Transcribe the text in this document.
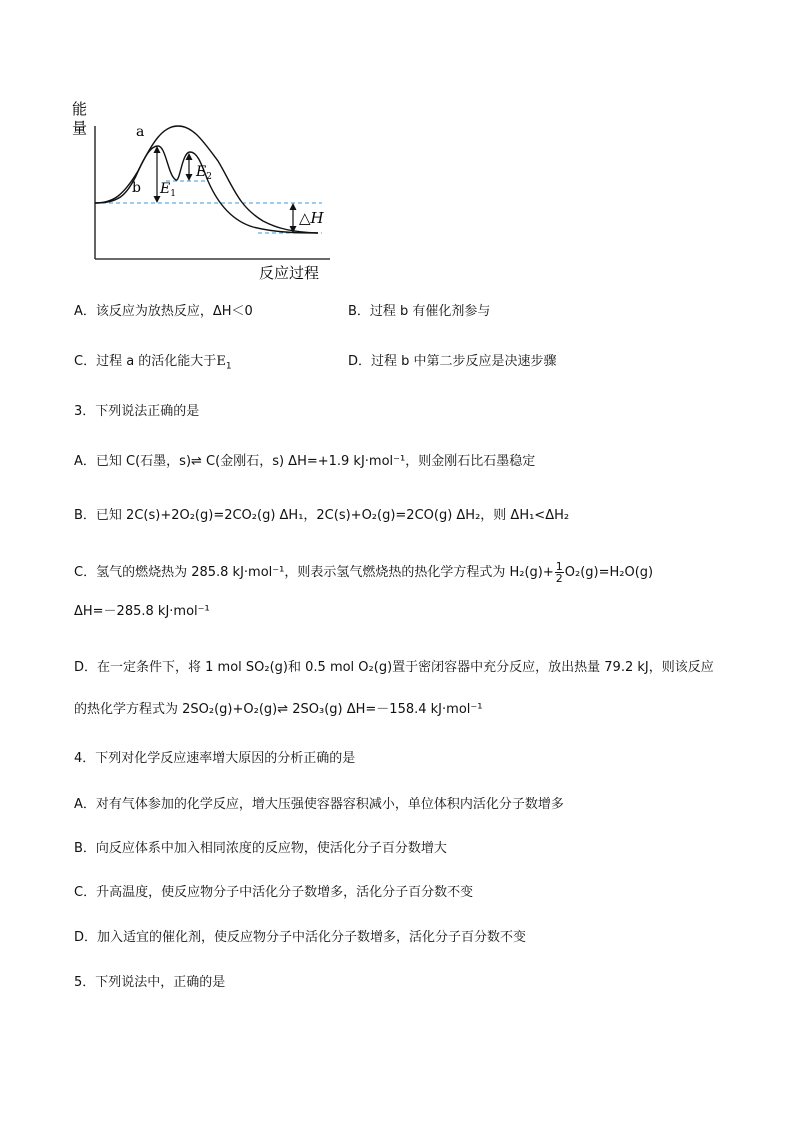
能
量
反应过程
a
b $E_1$
$E_2$
△H
A．该反应为放热反应，ΔH＜0	B．过程 b 有催化剂参与
C．过程 a 的活化能大于$E_1$	D．过程 b 中第二步反应是决速步骤
3．下列说法正确的是
A．已知 C(石墨，s)⇌ C(金刚石，s) ΔH=+1.9 kJ·mol⁻¹，则金刚石比石墨稳定
B．已知 2C(s)+2O₂(g)=2CO₂(g) ΔH₁，2C(s)+O₂(g)=2CO(g) ΔH₂，则 ΔH₁<ΔH₂
C．氢气的燃烧热为 285.8 kJ·mol⁻¹，则表示氢气燃烧热的热化学方程式为 $H_2(g)+ \frac{1}{2} O_2(g)=H_2O(g)$
ΔH=－285.8 kJ·mol⁻¹
D．在一定条件下，将 1 mol SO₂(g)和 0.5 mol O₂(g)置于密闭容器中充分反应，放出热量 79.2 kJ，则该反应
的热化学方程式为 2SO₂(g)+O₂(g)⇌ 2SO₃(g) ΔH=－158.4 kJ·mol⁻¹
4．下列对化学反应速率增大原因的分析正确的是
A．对有气体参加的化学反应，增大压强使容器容积减小，单位体积内活化分子数增多
B．向反应体系中加入相同浓度的反应物，使活化分子百分数增大
C．升高温度，使反应物分子中活化分子数增多，活化分子百分数不变
D．加入适宜的催化剂，使反应物分子中活化分子数增多，活化分子百分数不变
5．下列说法中，正确的是
